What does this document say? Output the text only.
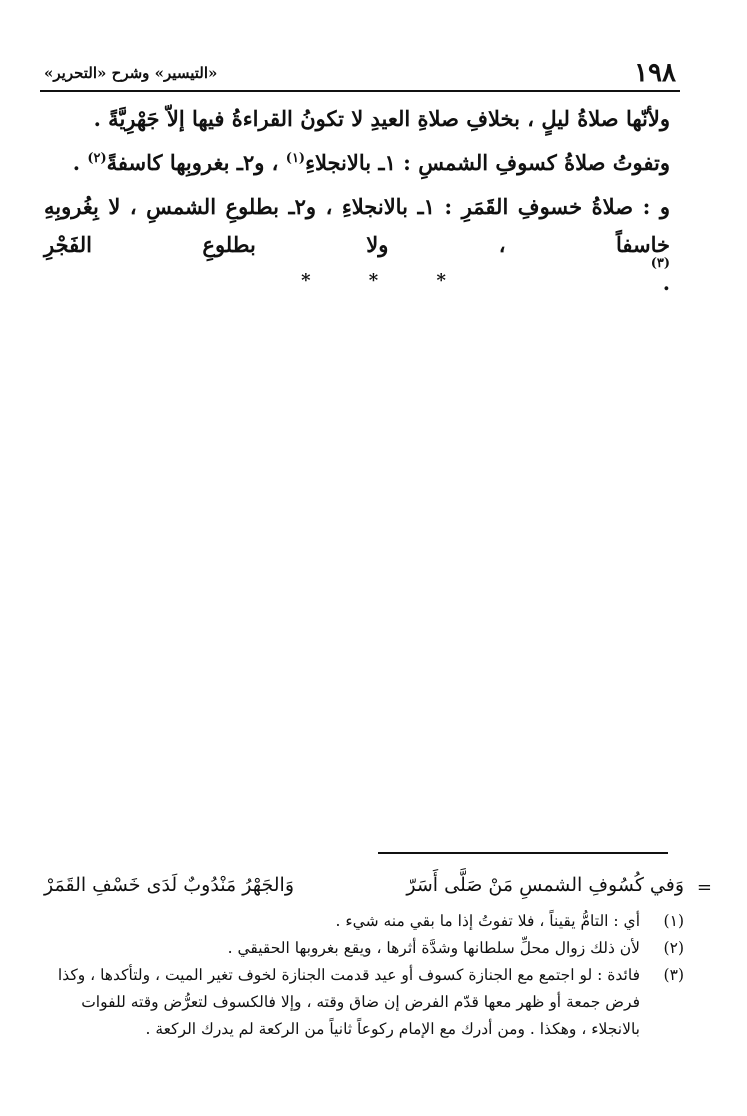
١٩٨
«التيسير» وشرح «التحرير»

ولأنّها صلاةُ ليلٍ ، بخلافِ صلاةِ العيدِ لا تكونُ القراءةُ فيها إلاّ جَهْرِيَّةً .

وتفوتُ صلاةُ كسوفِ الشمسِ : ١ـ بالانجلاءِ$^{(١)}$ ، و٢ـ بغروبِها كاسفةً$^{(٢)}$ .

و : صلاةُ خسوفِ القَمَرِ : ١ـ بالانجلاءِ ، و٢ـ بطلوعِ الشمسِ ، لا بِغُروبِهِ
خاسفاً ، ولا بطلوعِ الفَجْرِ
(٣)
.
* * *
=
وَفي كُسُوفِ الشمسِ مَنْ صَلَّى أَسَرّ
وَالجَهْرُ مَنْدُوبٌ لَدَى خَسْفِ القَمَرْ
(١)
أي : التامُّ يقيناً ، فلا تفوتُ إذا ما بقي منه شيء .
(٢)
لأن ذلك زوال محلِّ سلطانها وشدَّة أثرها ، ويقع بغروبها الحقيقي .
(٣)
فائدة : لو اجتمع مع الجنازة كسوف أو عيد قدمت الجنازة لخوف تغير الميت ، ولتأكدها ، وكذا فرض جمعة أو ظهر معها قدّم الفرض إن ضاق وقته ، وإلا فالكسوف لتعرُّض وقته للفوات بالانجلاء ، وهكذا . ومن أدرك مع الإمام ركوعاً ثانياً من الركعة لم يدرك الركعة .
